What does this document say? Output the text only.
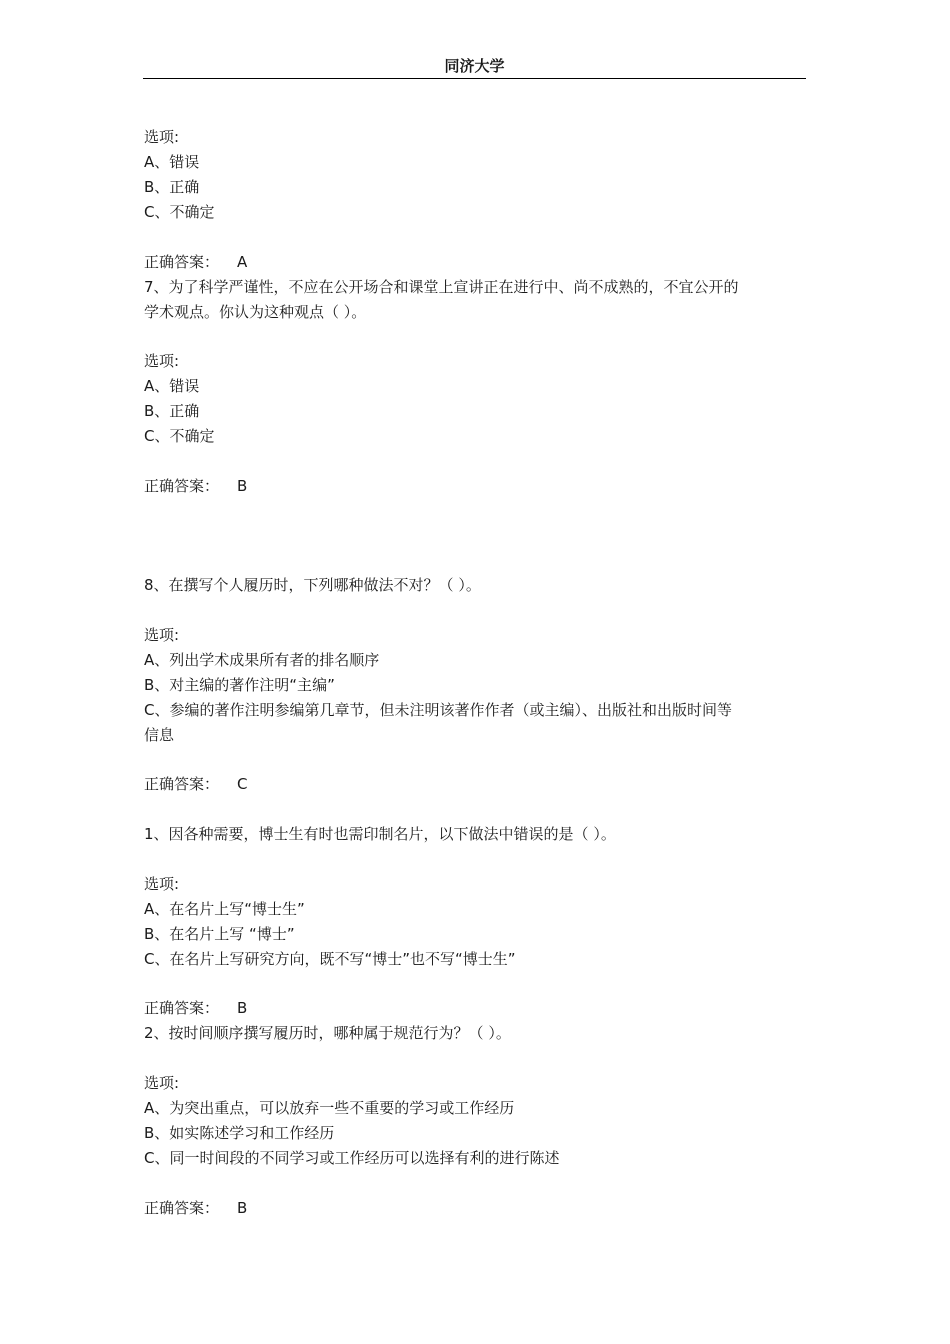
同济大学

选项:

A、错误

B、正确

C、不确定

正确答案： A

7、为了科学严谨性，不应在公开场合和课堂上宣讲正在进行中、尚不成熟的，不宜公开的

学术观点。你认为这种观点（ ）。

选项:

A、错误

B、正确

C、不确定

正确答案： B

8、在撰写个人履历时，下列哪种做法不对？（ ）。

选项:

A、列出学术成果所有者的排名顺序

B、对主编的著作注明“主编”

C、参编的著作注明参编第几章节，但未注明该著作作者（或主编）、出版社和出版时间等

信息

正确答案： C

1、因各种需要，博士生有时也需印制名片，以下做法中错误的是（ ）。

选项:

A、在名片上写“博士生”

B、在名片上写 “博士”

C、在名片上写研究方向，既不写“博士”也不写“博士生”

正确答案： B

2、按时间顺序撰写履历时，哪种属于规范行为？（ ）。

选项:

A、为突出重点，可以放弃一些不重要的学习或工作经历

B、如实陈述学习和工作经历

C、同一时间段的不同学习或工作经历可以选择有利的进行陈述

正确答案： B
